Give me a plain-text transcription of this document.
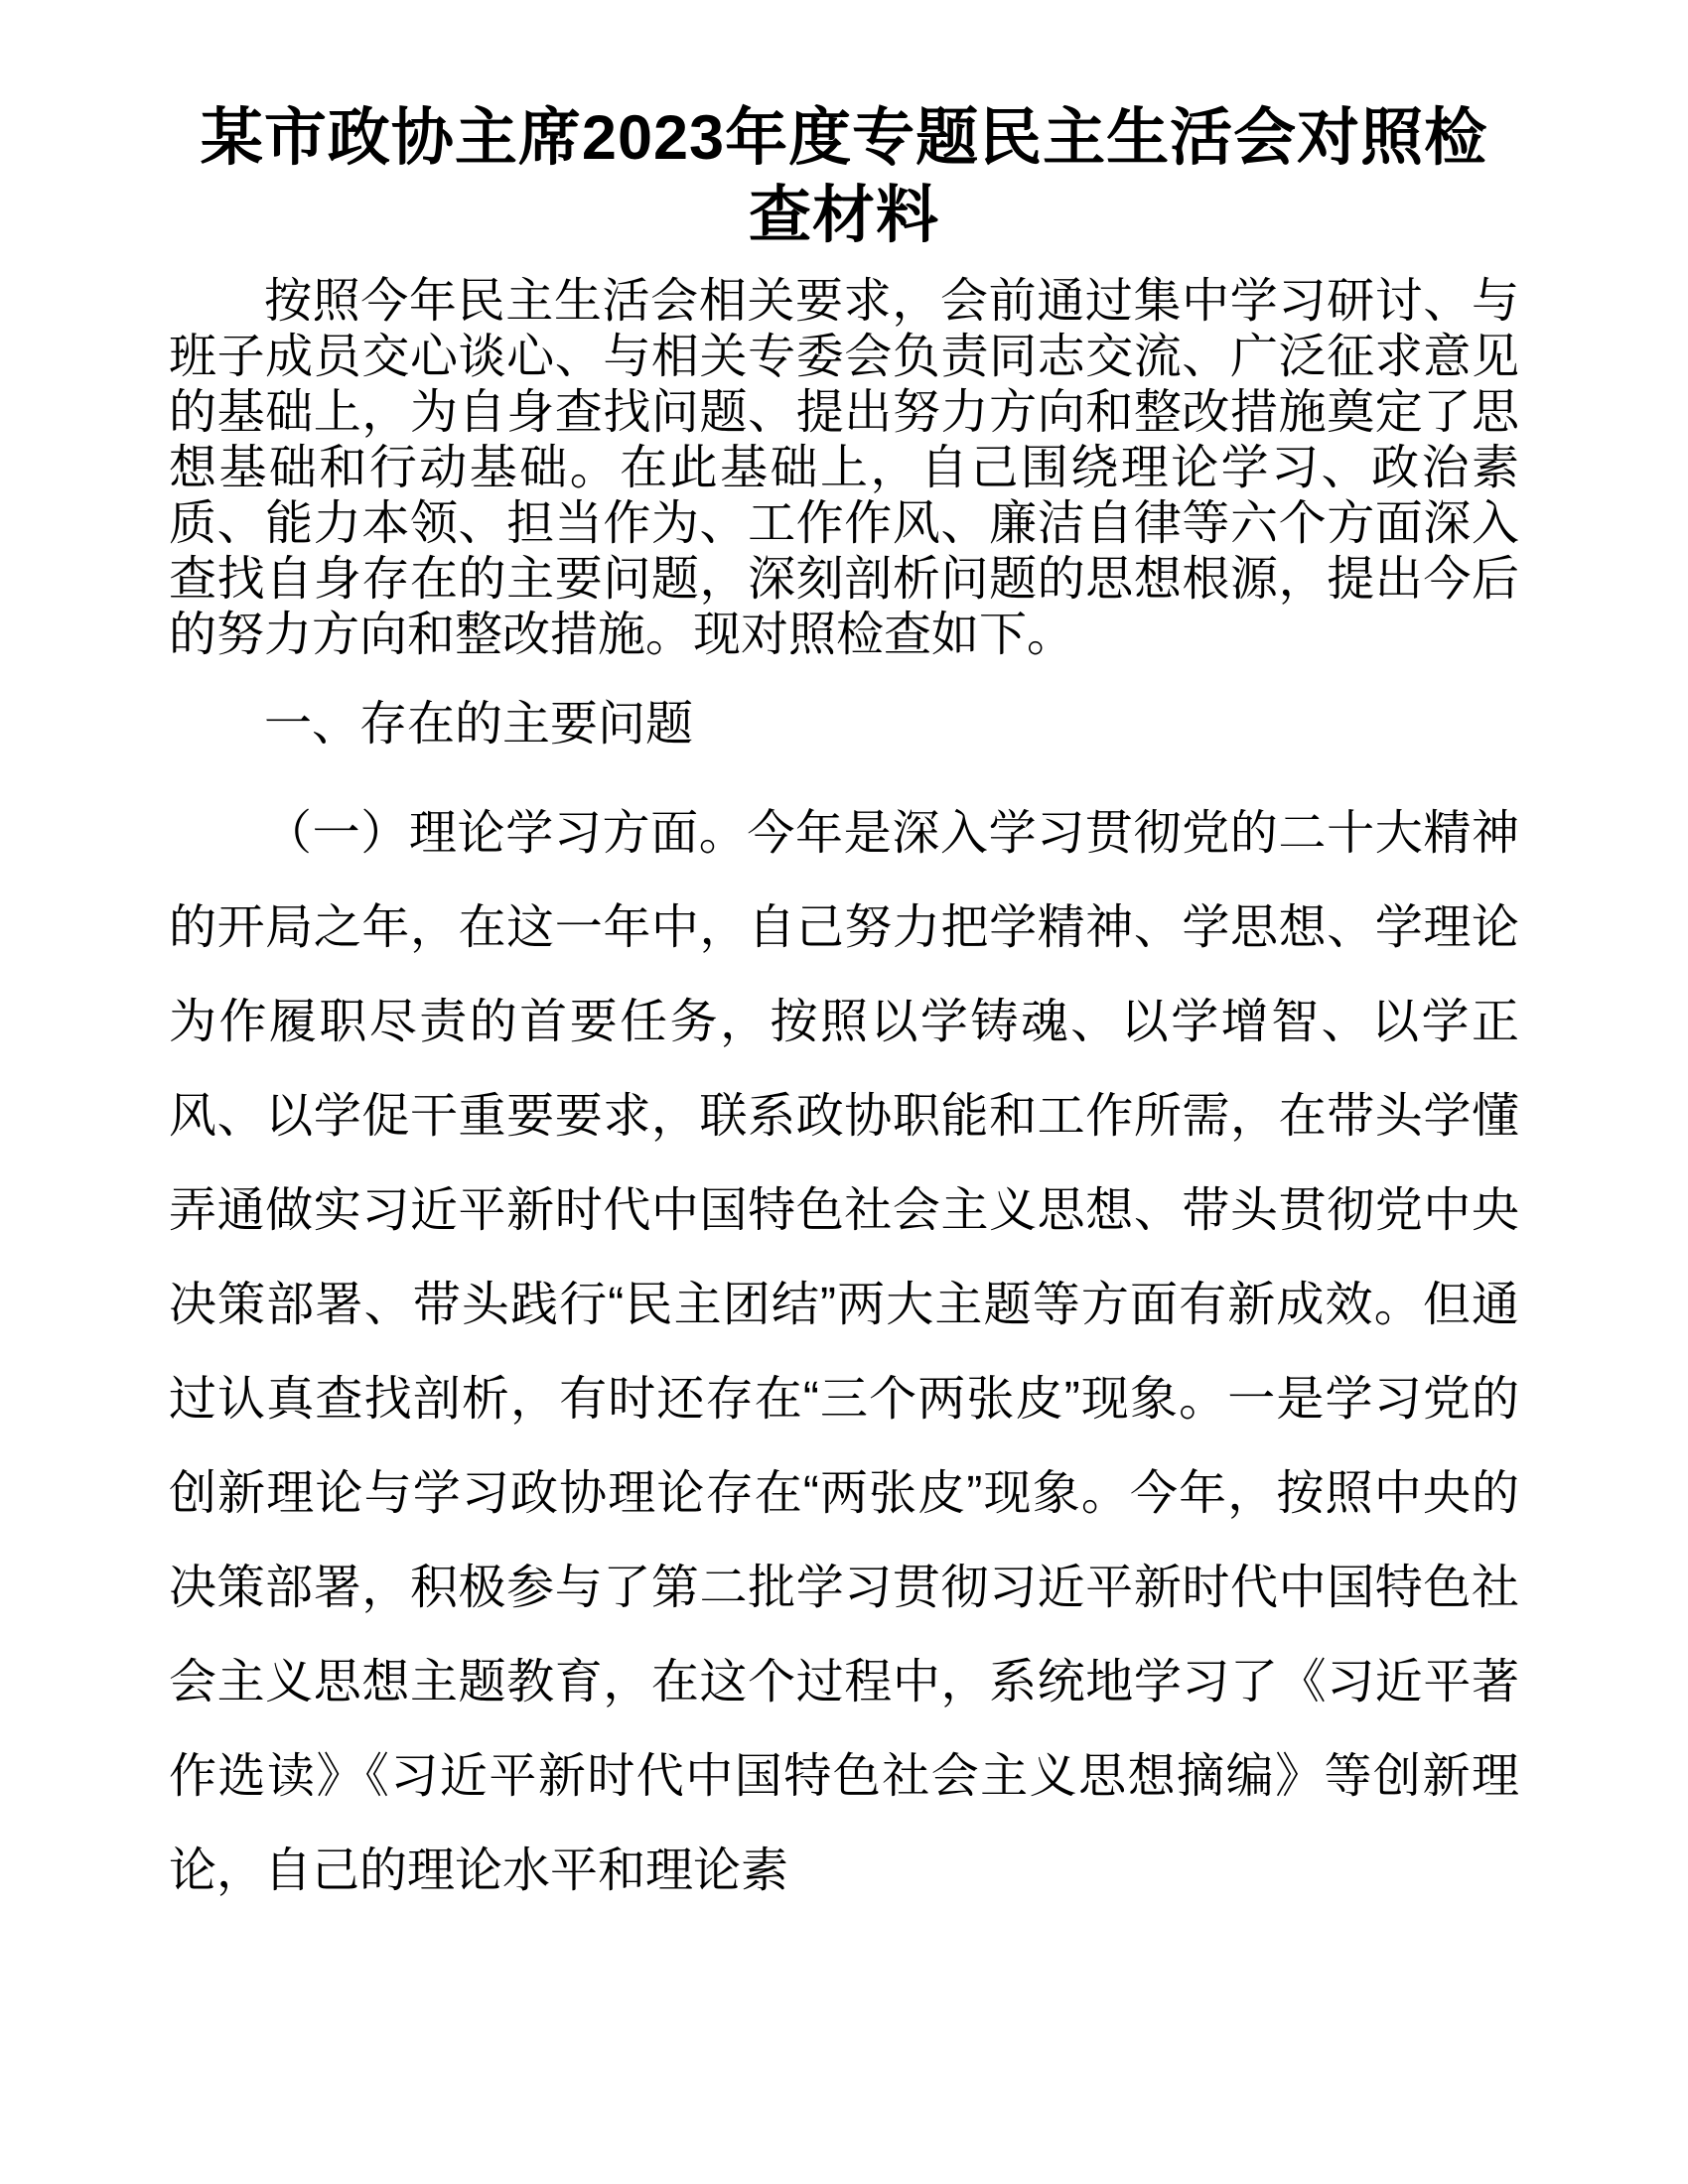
某市政协主席2023年度专题民主生活会对照检查材料

按照今年民主生活会相关要求，会前通过集中学习研讨、与班子成员交心谈心、与相关专委会负责同志交流、广泛征求意见的基础上，为自身查找问题、提出努力方向和整改措施奠定了思想基础和行动基础。在此基础上，自己围绕理论学习、政治素质、能力本领、担当作为、工作作风、廉洁自律等六个方面深入查找自身存在的主要问题，深刻剖析问题的思想根源，提出今后的努力方向和整改措施。现对照检查如下。

一、存在的主要问题

（一）理论学习方面。今年是深入学习贯彻党的二十大精神的开局之年，在这一年中，自己努力把学精神、学思想、学理论为作履职尽责的首要任务，按照以学铸魂、以学增智、以学正风、以学促干重要要求，联系政协职能和工作所需，在带头学懂弄通做实习近平新时代中国特色社会主义思想、带头贯彻党中央决策部署、带头践行“民主团结”两大主题等方面有新成效。但通过认真查找剖析，有时还存在“三个两张皮”现象。一是学习党的创新理论与学习政协理论存在“两张皮”现象。今年，按照中央的决策部署，积极参与了第二批学习贯彻习近平新时代中国特色社会主义思想主题教育，在这个过程中，系统地学习了《习近平著作选读》《习近平新时代中国特色社会主义思想摘编》等创新理论，自己的理论水平和理论素
